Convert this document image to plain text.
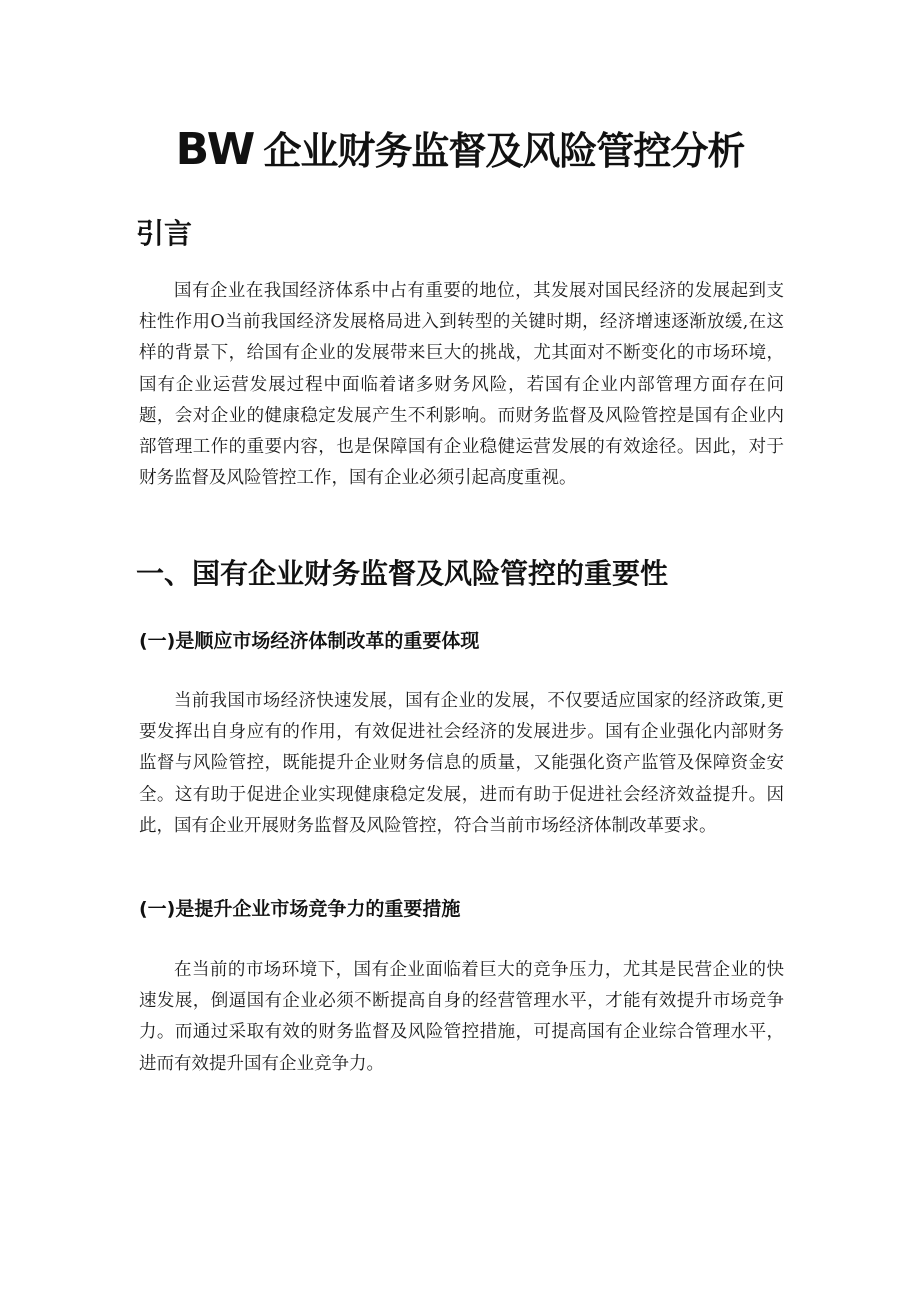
BW 企业财务监督及风险管控分析
引言

国有企业在我国经济体系中占有重要的地位，其发展对国民经济的发展起到支柱性作用O当前我国经济发展格局进入到转型的关键时期，经济增速逐渐放缓,在这样的背景下，给国有企业的发展带来巨大的挑战，尤其面对不断变化的市场环境，国有企业运营发展过程中面临着诸多财务风险，若国有企业内部管理方面存在问题，会对企业的健康稳定发展产生不利影响。而财务监督及风险管控是国有企业内部管理工作的重要内容，也是保障国有企业稳健运营发展的有效途径。因此，对于财务监督及风险管控工作，国有企业必须引起高度重视。

一、国有企业财务监督及风险管控的重要性
(一)是顺应市场经济体制改革的重要体现

当前我国市场经济快速发展，国有企业的发展，不仅要适应国家的经济政策,更要发挥出自身应有的作用，有效促进社会经济的发展进步。国有企业强化内部财务监督与风险管控，既能提升企业财务信息的质量，又能强化资产监管及保障资金安全。这有助于促进企业实现健康稳定发展，进而有助于促进社会经济效益提升。因此，国有企业开展财务监督及风险管控，符合当前市场经济体制改革要求。

(一)是提升企业市场竞争力的重要措施

在当前的市场环境下，国有企业面临着巨大的竞争压力，尤其是民营企业的快速发展，倒逼国有企业必须不断提高自身的经营管理水平，才能有效提升市场竞争力。而通过采取有效的财务监督及风险管控措施，可提高国有企业综合管理水平，进而有效提升国有企业竞争力。
